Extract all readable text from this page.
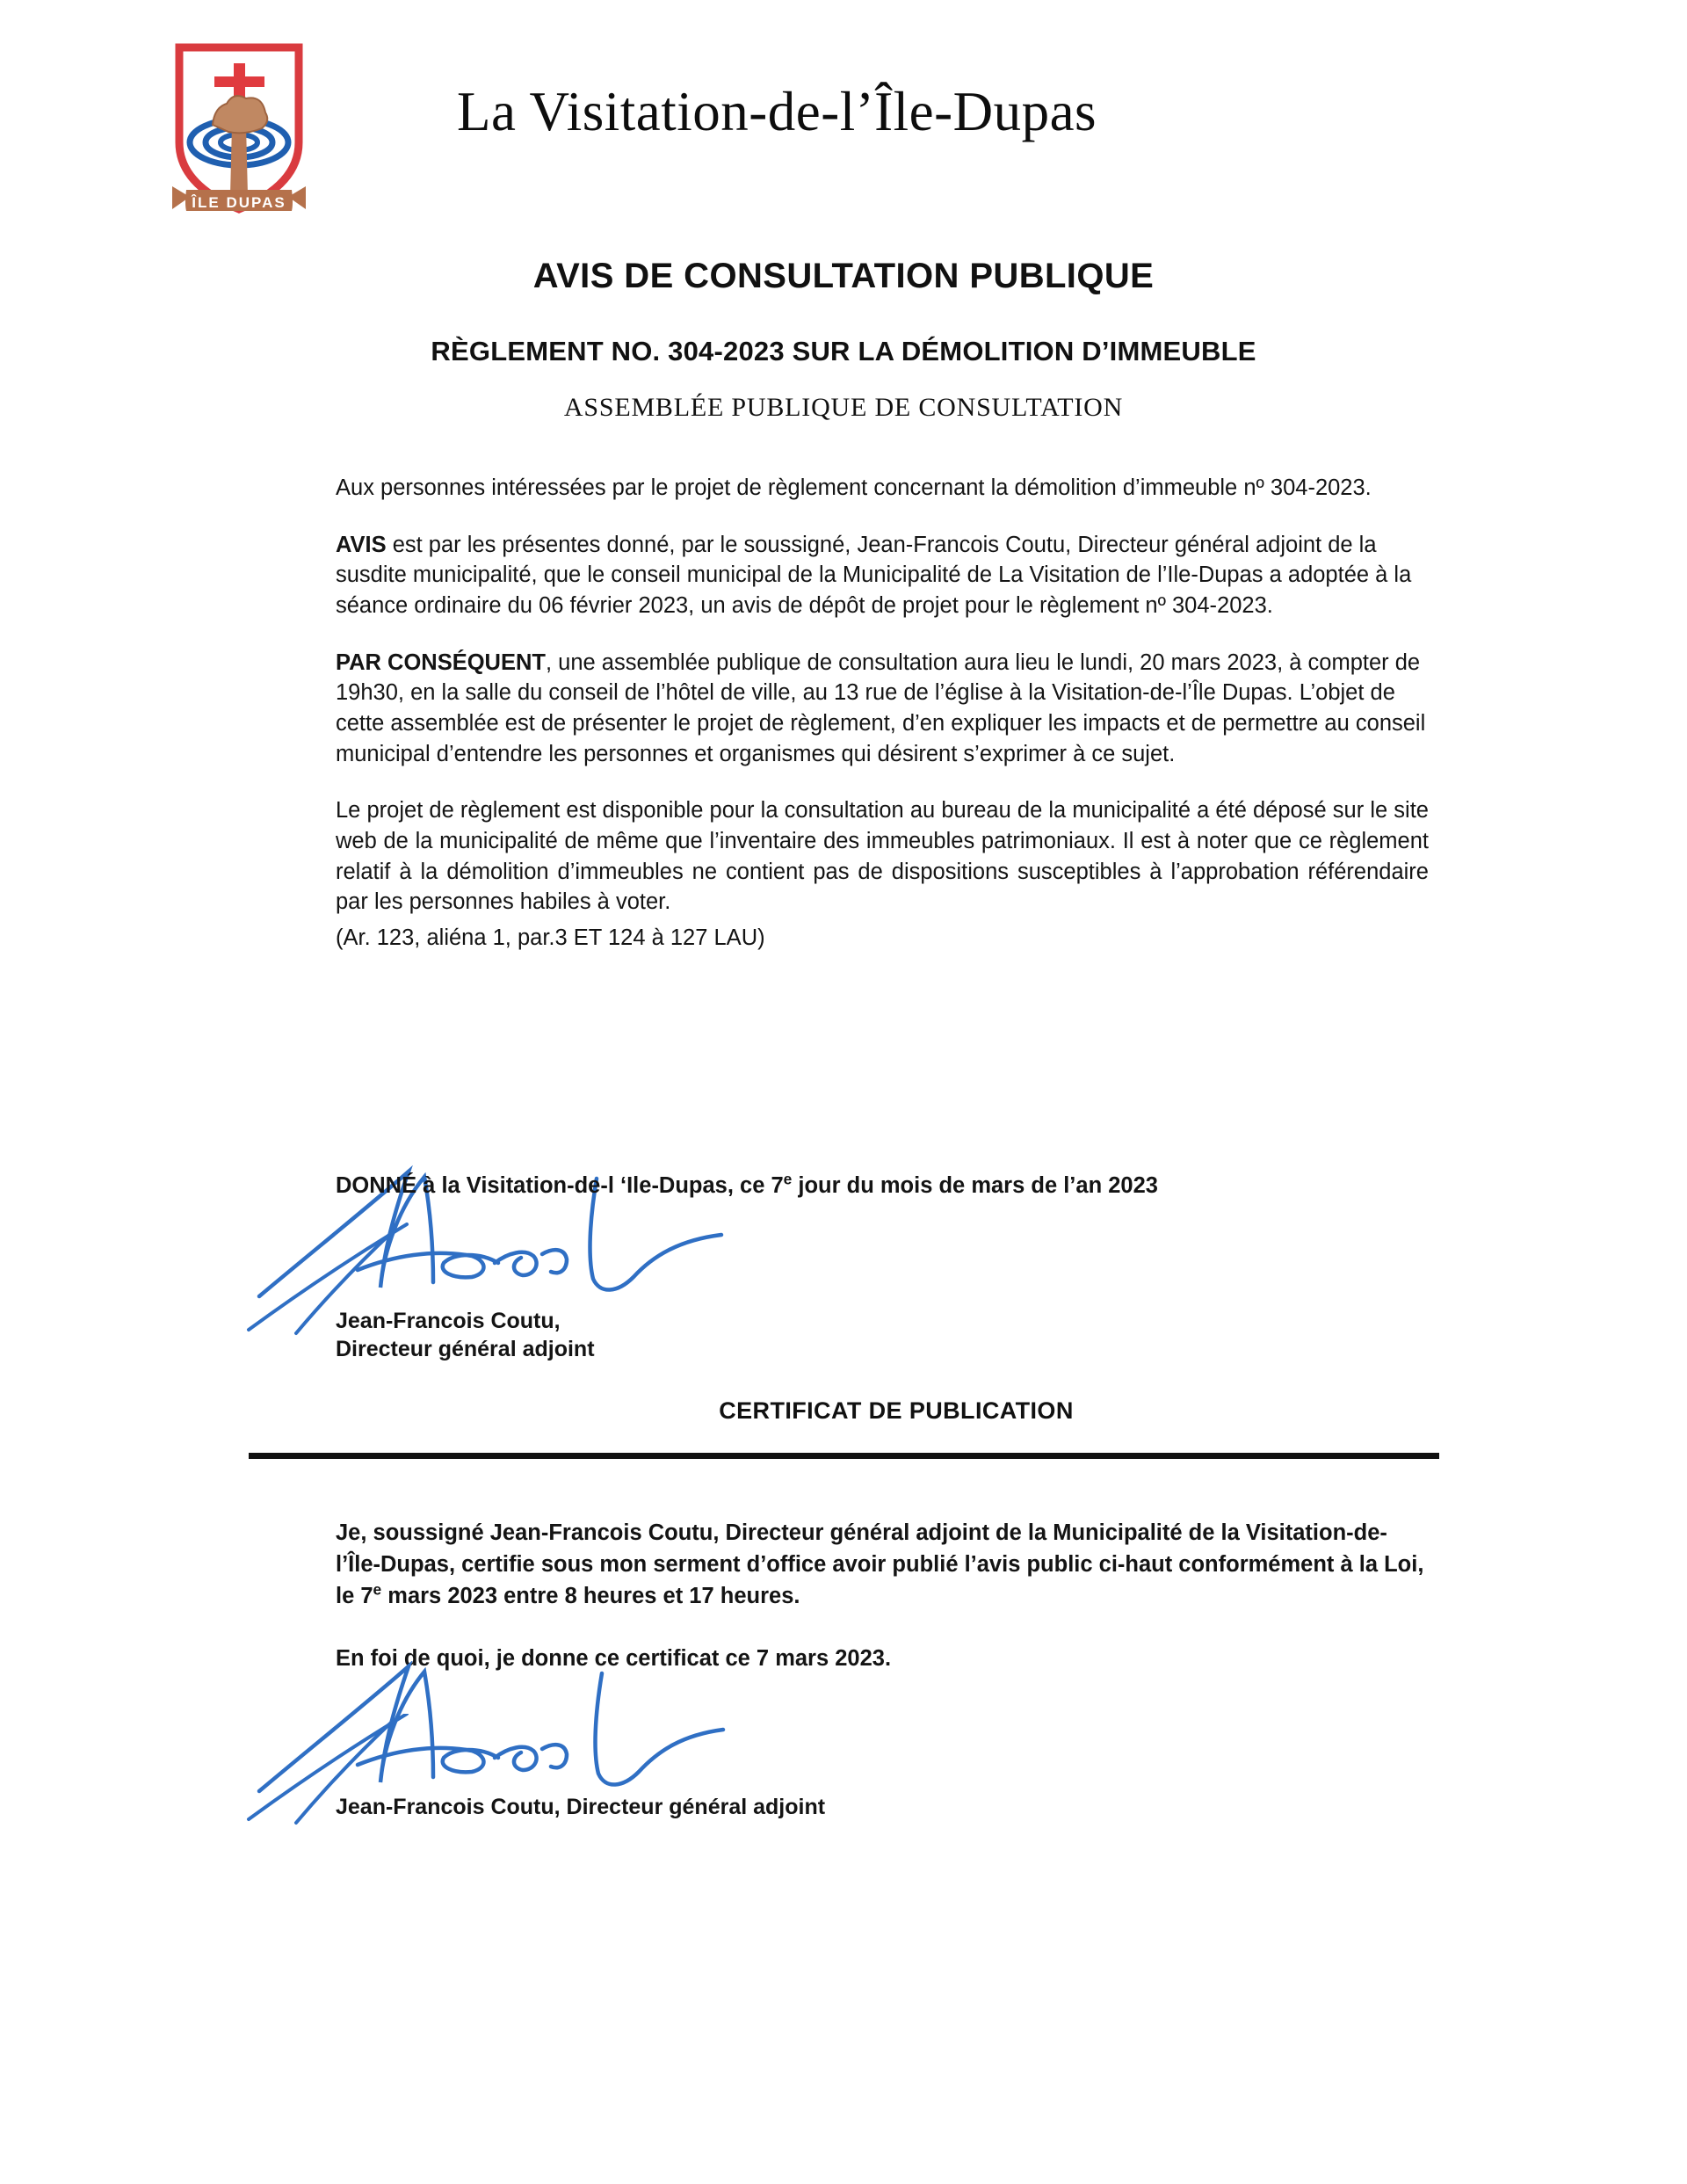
ÎLE DUPAS
La Visitation-de-l’Île-Dupas
AVIS DE CONSULTATION PUBLIQUE
RÈGLEMENT NO. 304-2023 SUR LA DÉMOLITION D’IMMEUBLE
ASSEMBLÉE PUBLIQUE DE CONSULTATION

Aux personnes intéressées par le projet de règlement concernant la démolition d’immeuble nº 304-2023.

AVIS est par les présentes donné, par le soussigné, Jean-Francois Coutu, Directeur général adjoint de la susdite municipalité, que le conseil municipal de la Municipalité de La Visitation de l’Ile-Dupas a adoptée à la séance ordinaire du 06 février 2023, un avis de dépôt de projet pour le règlement nº 304-2023.

PAR CONSÉQUENT, une assemblée publique de consultation aura lieu le lundi, 20 mars 2023, à compter de 19h30, en la salle du conseil de l’hôtel de ville, au 13 rue de l’église à la Visitation-de-l’Île Dupas. L’objet de cette assemblée est de présenter le projet de règlement, d’en expliquer les impacts et de permettre au conseil municipal d’entendre les personnes et organismes qui désirent s’exprimer à ce sujet.

Le projet de règlement est disponible pour la consultation au bureau de la municipalité a été déposé sur le site web de la municipalité de même que l’inventaire des immeubles patrimoniaux. Il est à noter que ce règlement relatif à la démolition d’immeubles ne contient pas de dispositions susceptibles à l’approbation référendaire par les personnes habiles à voter.

(Ar. 123, aliéna 1, par.3 ET 124 à 127 LAU)

DONNÉ à la Visitation-de-l ‘Ile-Dupas, ce 7e jour du mois de mars de l’an 2023
Jean-Francois Coutu,
Directeur général adjoint
CERTIFICAT DE PUBLICATION

Je, soussigné Jean-Francois Coutu, Directeur général adjoint de la Municipalité de la Visitation-de-l’Île-Dupas, certifie sous mon serment d’office avoir publié l’avis public ci-haut conformément à la Loi, le 7e mars 2023 entre 8 heures et 17 heures.

En foi de quoi, je donne ce certificat ce 7 mars 2023.

Jean-Francois Coutu, Directeur général adjoint
